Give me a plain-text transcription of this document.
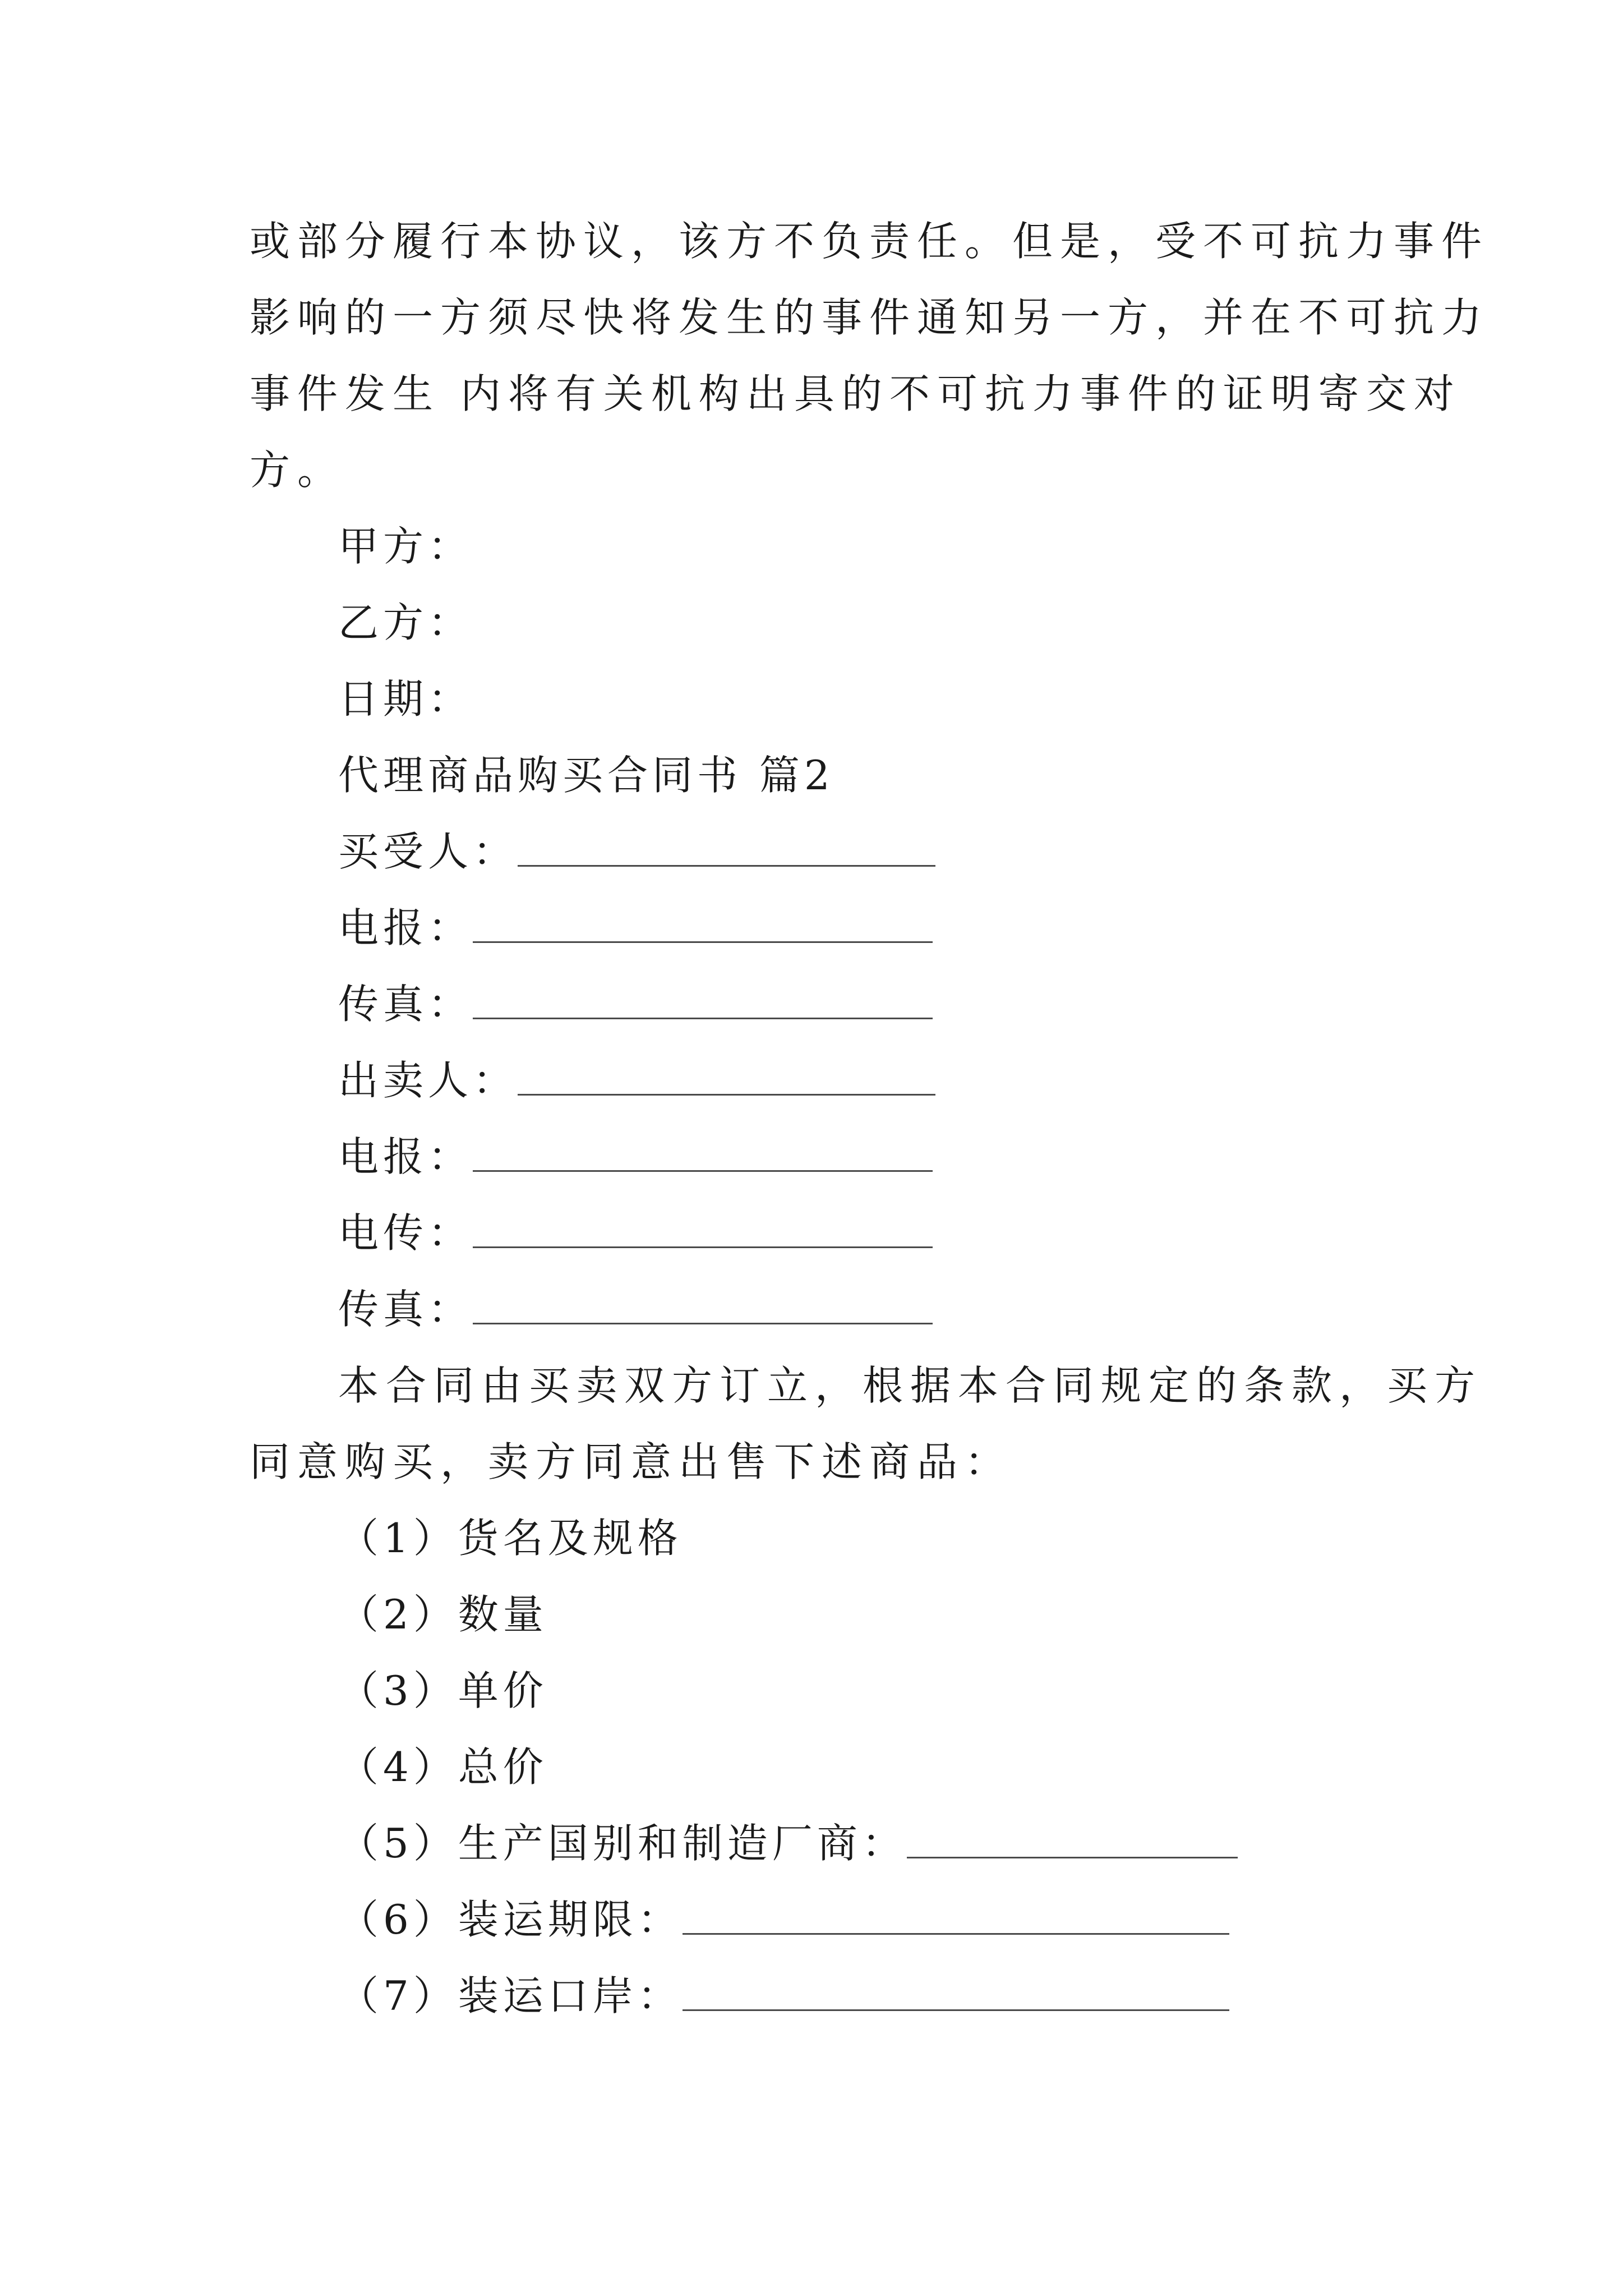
或部分履行本协议，该方不负责任。但是，受不可抗力事件
影响的一方须尽快将发生的事件通知另一方，并在不可抗力
事件发生 内将有关机构出具的不可抗力事件的证明寄交对
方。
甲方：
乙方：
日期：
代理商品购买合同书 篇2
买受人：
电报：
传真：
出卖人：
电报：
电传：
传真：
本合同由买卖双方订立，根据本合同规定的条款，买方
同意购买，卖方同意出售下述商品：
（1）货名及规格
（2）数量
（3）单价
（4）总价
（5）生产国别和制造厂商：
（6）装运期限：
（7）装运口岸：
